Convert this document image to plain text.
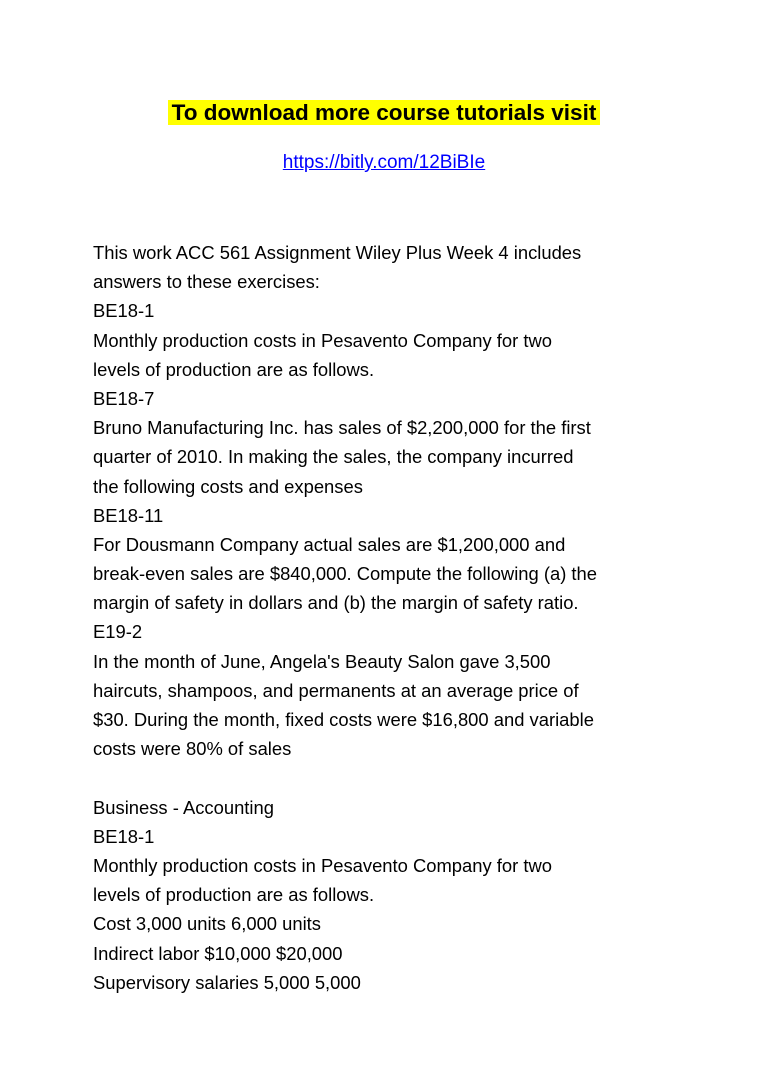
To download more course tutorials visit
https://bitly.com/12BiBIe
This work ACC 561 Assignment Wiley Plus Week 4 includes
answers to these exercises:
BE18-1
Monthly production costs in Pesavento Company for two
levels of production are as follows.
BE18-7
Bruno Manufacturing Inc. has sales of $2,200,000 for the first
quarter of 2010. In making the sales, the company incurred
the following costs and expenses
BE18-11
For Dousmann Company actual sales are $1,200,000 and
break-even sales are $840,000. Compute the following (a) the
margin of safety in dollars and (b) the margin of safety ratio.
E19-2
In the month of June, Angela's Beauty Salon gave 3,500
haircuts, shampoos, and permanents at an average price of
$30. During the month, fixed costs were $16,800 and variable
costs were 80% of sales
Business - Accounting
BE18-1
Monthly production costs in Pesavento Company for two
levels of production are as follows.
Cost 3,000 units 6,000 units
Indirect labor $10,000 $20,000
Supervisory salaries 5,000 5,000
